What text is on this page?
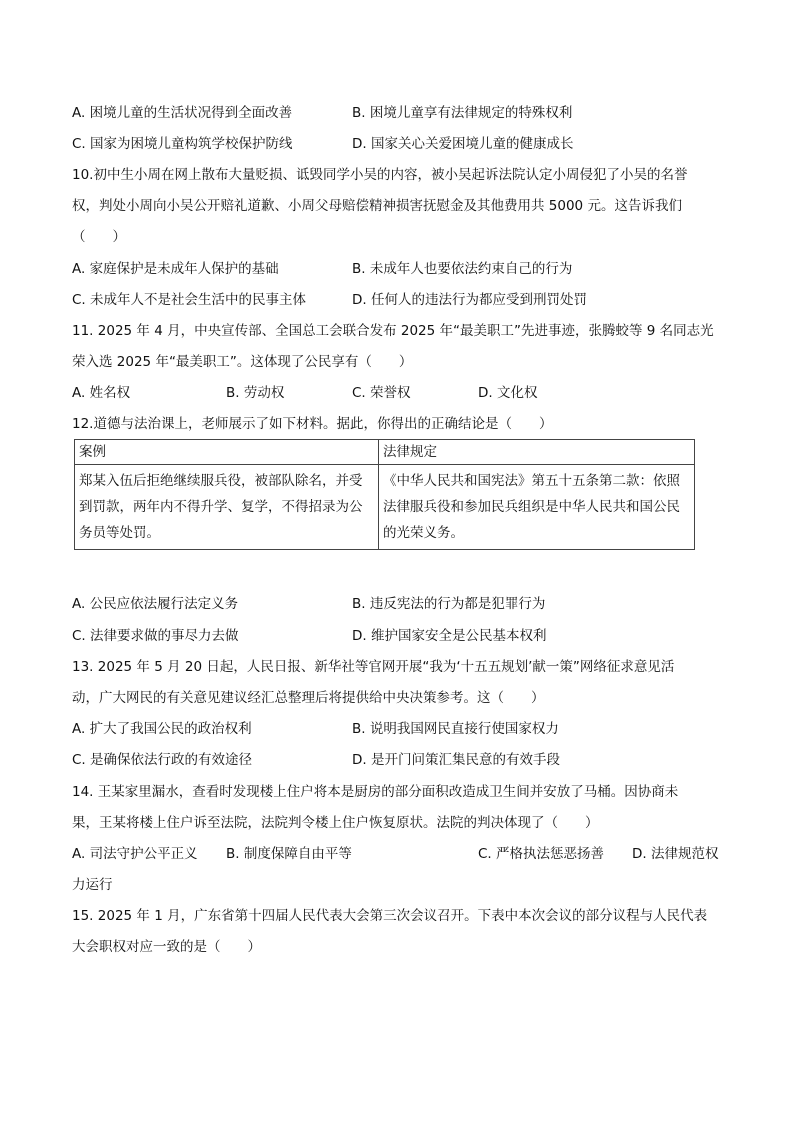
A. 困境儿童的生活状况得到全面改善	B. 困境儿童享有法律规定的特殊权利
C. 国家为困境儿童构筑学校保护防线	D. 国家关心关爱困境儿童的健康成长
10.初中生小周在网上散布大量贬损、诋毁同学小吴的内容，被小吴起诉法院认定小周侵犯了小吴的名誉
权，判处小周向小吴公开赔礼道歉、小周父母赔偿精神损害抚慰金及其他费用共 5000 元。这告诉我们
（　　）
A. 家庭保护是未成年人保护的基础	B. 未成年人也要依法约束自己的行为
C. 未成年人不是社会生活中的民事主体	D. 任何人的违法行为都应受到刑罚处罚
11. 2025 年 4 月，中央宣传部、全国总工会联合发布 2025 年“最美职工”先进事迹，张腾蛟等 9 名同志光
荣入选 2025 年“最美职工”。这体现了公民享有（　　）
A. 姓名权	B. 劳动权	C. 荣誉权	D. 文化权
12.道德与法治课上，老师展示了如下材料。据此，你得出的正确结论是（　　）
案例	法律规定
郑某入伍后拒绝继续服兵役，被部队除名，并受到罚款，两年内不得升学、复学，不得招录为公务员等处罚。	《中华人民共和国宪法》第五十五条第二款：依照法律服兵役和参加民兵组织是中华人民共和国公民的光荣义务。
A. 公民应依法履行法定义务	B. 违反宪法的行为都是犯罪行为
C. 法律要求做的事尽力去做	D. 维护国家安全是公民基本权利
13. 2025 年 5 月 20 日起，人民日报、新华社等官网开展“我为‘十五五规划’献一策”网络征求意见活
动，广大网民的有关意见建议经汇总整理后将提供给中央决策参考。这（　　）
A. 扩大了我国公民的政治权利	B. 说明我国网民直接行使国家权力
C. 是确保依法行政的有效途径	D. 是开门问策汇集民意的有效手段
14. 王某家里漏水，查看时发现楼上住户将本是厨房的部分面积改造成卫生间并安放了马桶。因协商未
果，王某将楼上住户诉至法院，法院判令楼上住户恢复原状。法院的判决体现了（　　）
A. 司法守护公平正义 B. 制度保障自由平等	C. 严格执法惩恶扬善 D. 法律规范权
力运行
15. 2025 年 1 月，广东省第十四届人民代表大会第三次会议召开。下表中本次会议的部分议程与人民代表
大会职权对应一致的是（　　）
